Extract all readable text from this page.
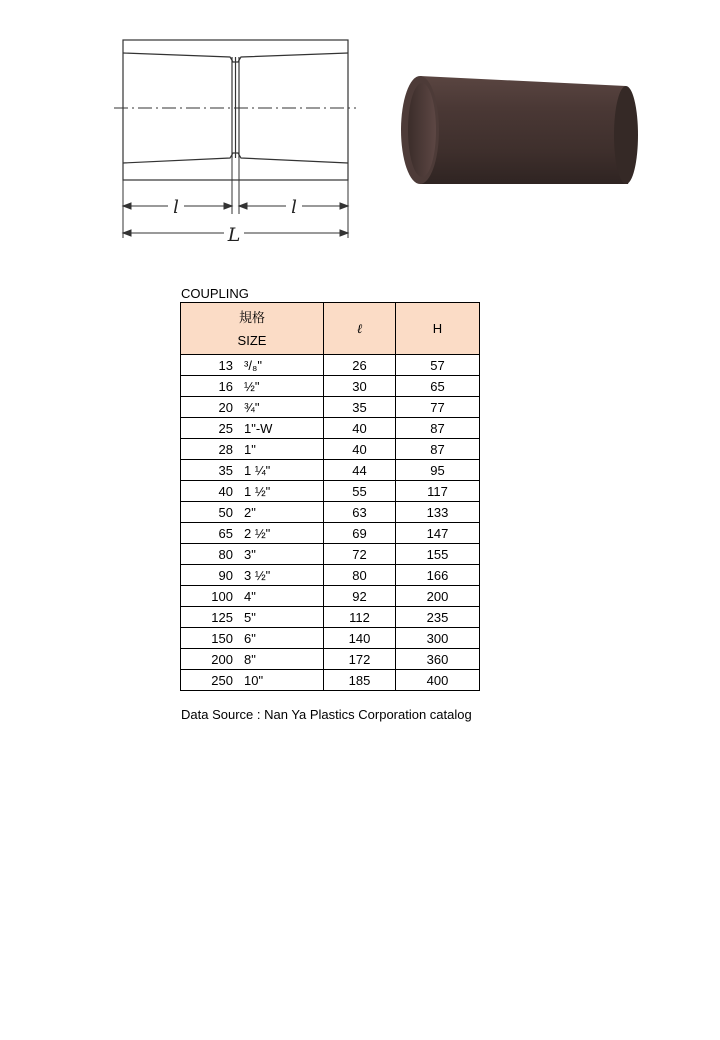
l	l
L
COUPLING
規格
SIZE	ℓ	H

13 ³/₈"	26	57

16 ½"	30	65

20 ¾"	35	77

25 1"-W	40	87

28 1"	40	87

35 1 ¼"	44	95

40 1 ½"	55	117

50 2"	63	133

65 2 ½"	69	147

80 3"	72	155

90 3 ½"	80	166

100 4"	92	200

125 5"	112	235

150 6"	140	300

200 8"	172	360

250 10"	185	400
Data Source : Nan Ya Plastics Corporation catalog
